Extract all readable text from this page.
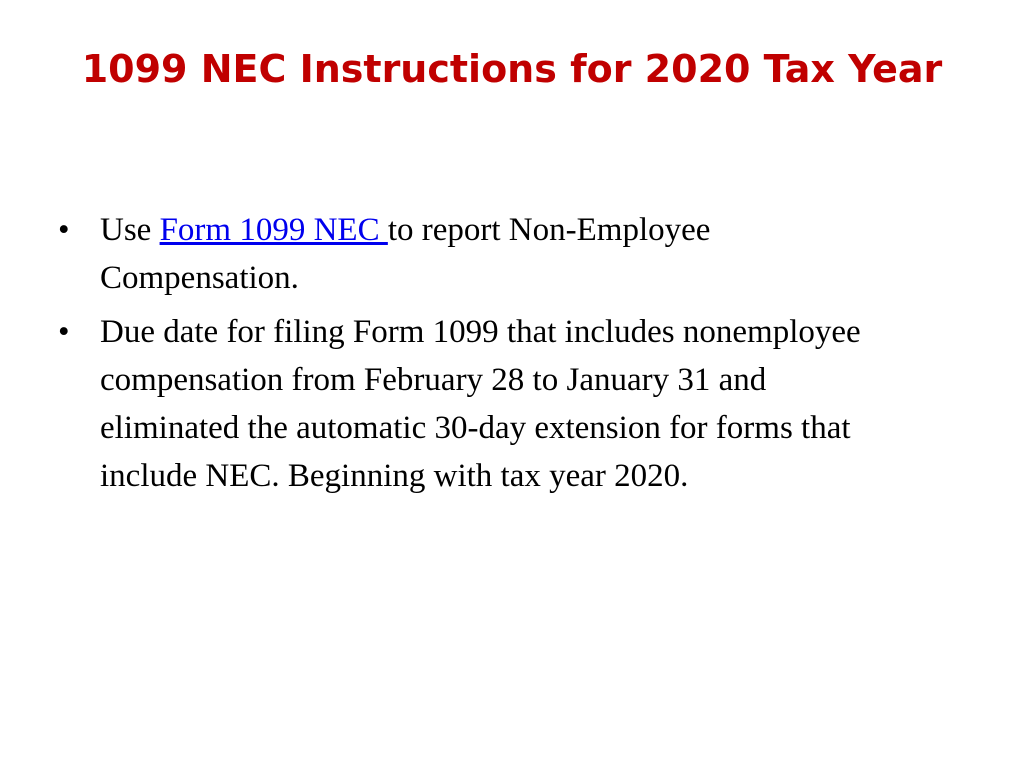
1099 NEC Instructions for 2020 Tax Year
• Use Form 1099 NEC to report Non-Employee Compensation.
• Due date for filing Form 1099 that includes nonemployee compensation from February 28 to January 31 and eliminated the automatic 30-day extension for forms that include NEC. Beginning with tax year 2020.
